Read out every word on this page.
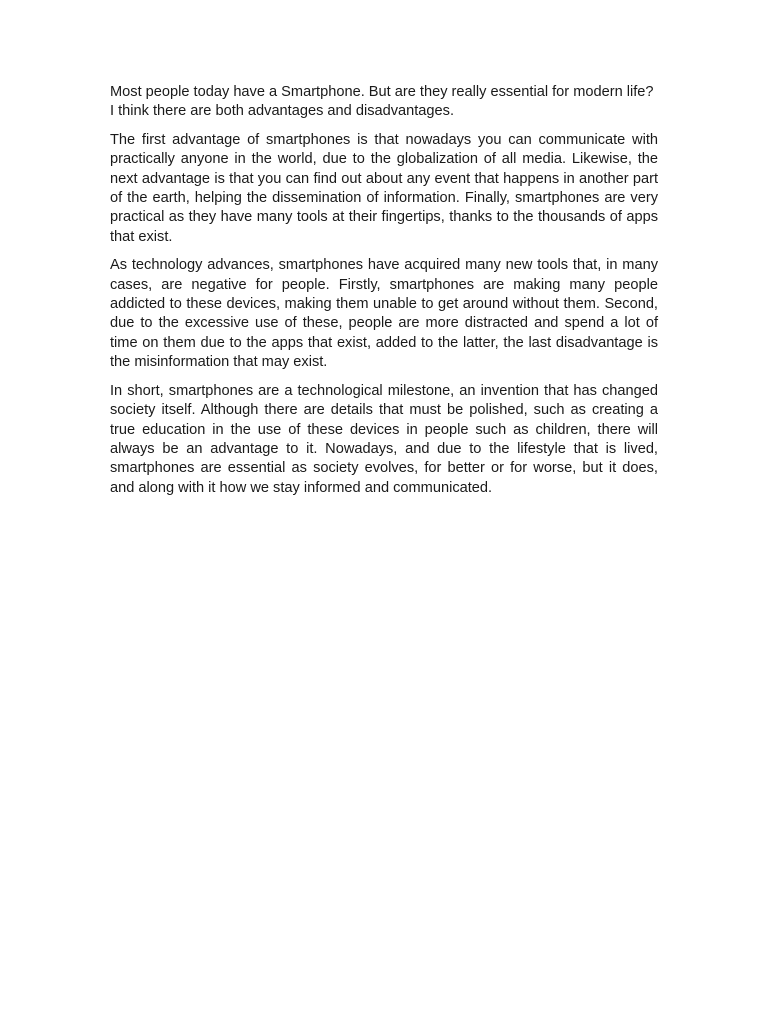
Most people today have a Smartphone. But are they really essential for modern life? I think there are both advantages and disadvantages.

The first advantage of smartphones is that nowadays you can communicate with practically anyone in the world, due to the globalization of all media. Likewise, the next advantage is that you can find out about any event that happens in another part of the earth, helping the dissemination of information. Finally, smartphones are very practical as they have many tools at their fingertips, thanks to the thousands of apps that exist.

As technology advances, smartphones have acquired many new tools that, in many cases, are negative for people. Firstly, smartphones are making many people addicted to these devices, making them unable to get around without them. Second, due to the excessive use of these, people are more distracted and spend a lot of time on them due to the apps that exist, added to the latter, the last disadvantage is the misinformation that may exist.

In short, smartphones are a technological milestone, an invention that has changed society itself. Although there are details that must be polished, such as creating a true education in the use of these devices in people such as children, there will always be an advantage to it. Nowadays, and due to the lifestyle that is lived, smartphones are essential as society evolves, for better or for worse, but it does, and along with it how we stay informed and communicated.
